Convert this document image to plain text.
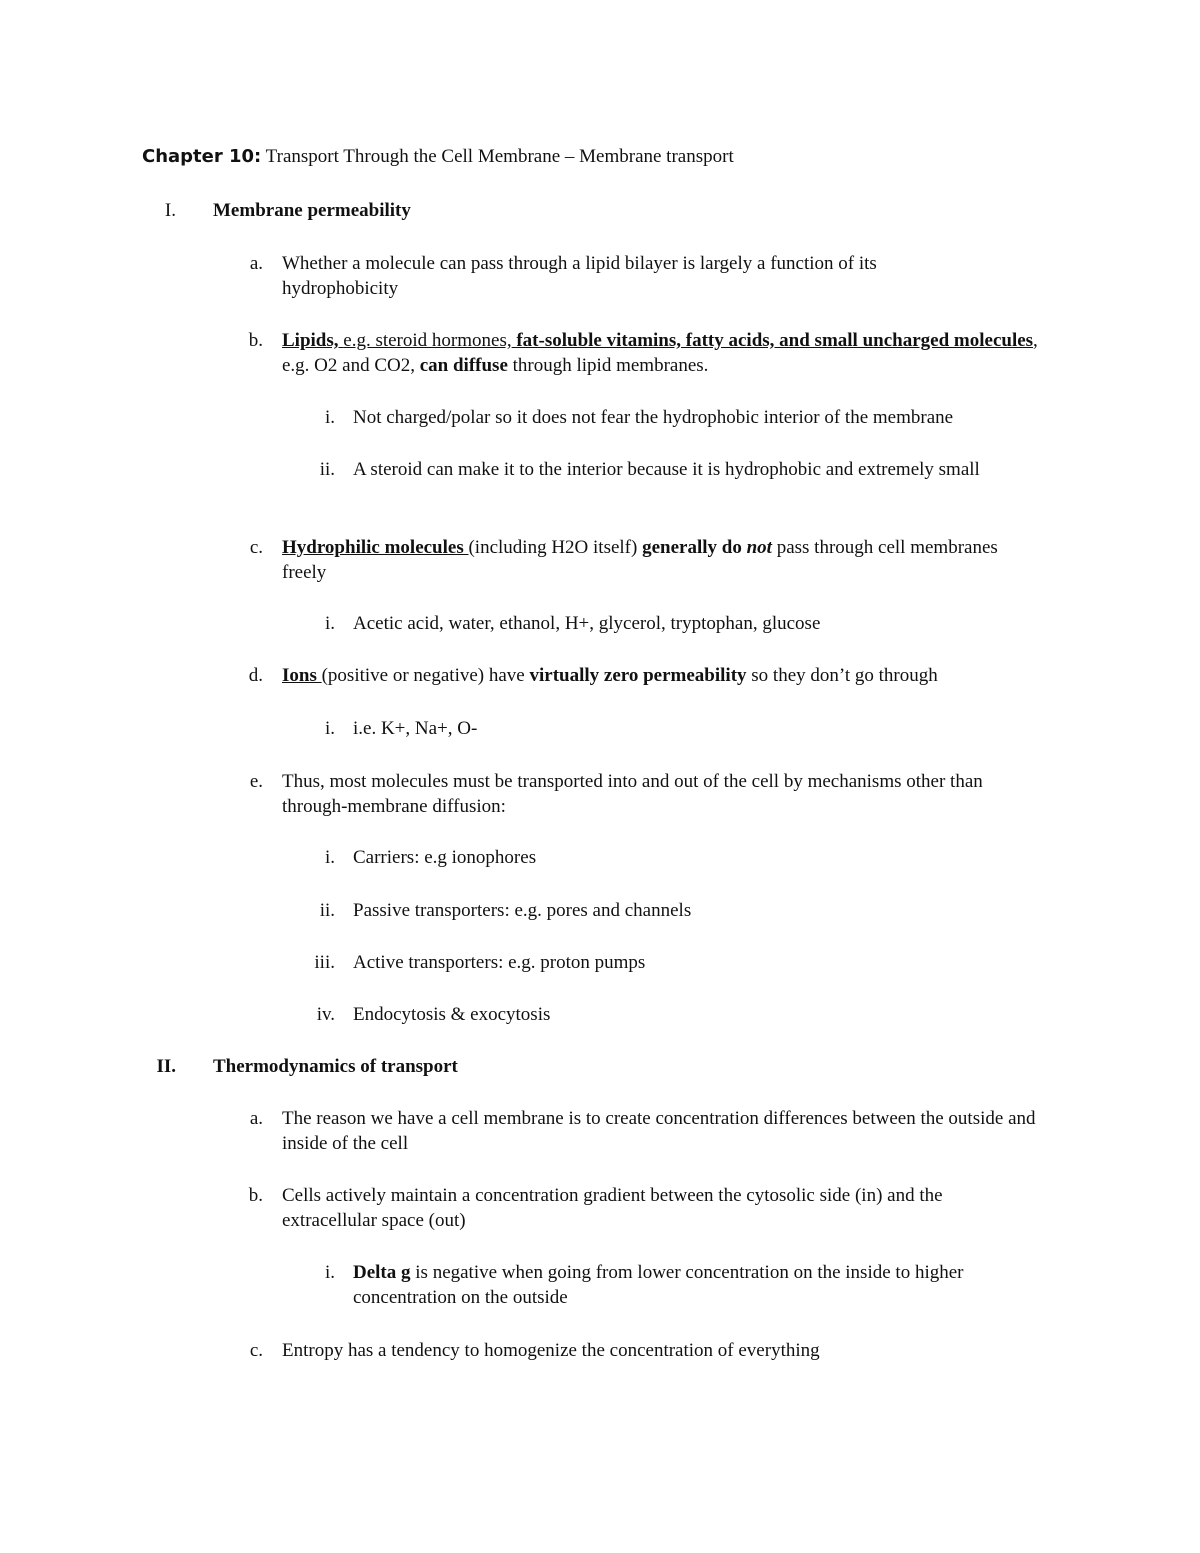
Chapter 10: Transport Through the Cell Membrane – Membrane transport
I. Membrane permeability
a. Whether a molecule can pass through a lipid bilayer is largely a function of its hydrophobicity
b. Lipids, e.g. steroid hormones, fat-soluble vitamins, fatty acids, and small uncharged molecules, e.g. O2 and CO2, can diffuse through lipid membranes.
i. Not charged/polar so it does not fear the hydrophobic interior of the membrane
ii. A steroid can make it to the interior because it is hydrophobic and extremely small
c. Hydrophilic molecules (including H2O itself) generally do not pass through cell membranes freely
i. Acetic acid, water, ethanol, H+, glycerol, tryptophan, glucose
d. Ions (positive or negative) have virtually zero permeability so they don’t go through
i. i.e. K+, Na+, O-
e. Thus, most molecules must be transported into and out of the cell by mechanisms other than through-membrane diffusion:
i. Carriers: e.g ionophores
ii. Passive transporters: e.g. pores and channels
iii. Active transporters: e.g. proton pumps
iv. Endocytosis & exocytosis
II. Thermodynamics of transport
a. The reason we have a cell membrane is to create concentration differences between the outside and inside of the cell
b. Cells actively maintain a concentration gradient between the cytosolic side (in) and the extracellular space (out)
i. Delta g is negative when going from lower concentration on the inside to higher concentration on the outside
c. Entropy has a tendency to homogenize the concentration of everything
